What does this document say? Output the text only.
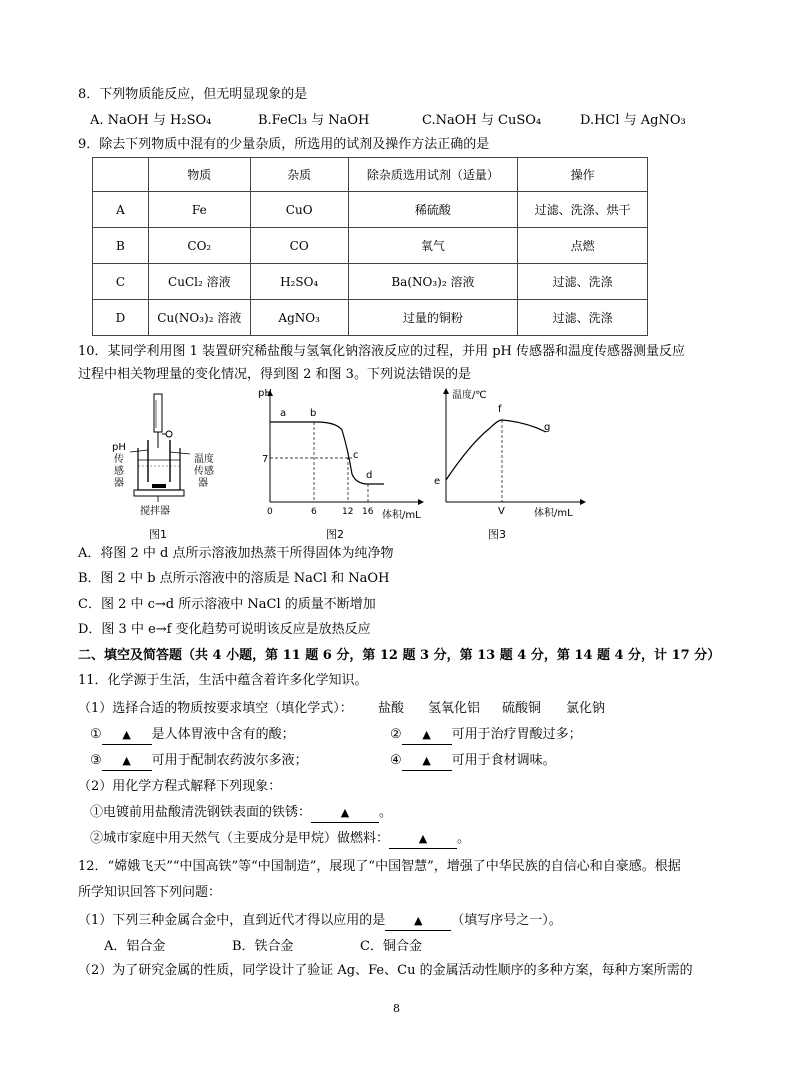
8．下列物质能反应，但无明显现象的是
A. NaOH 与 H₂SO₄	B.FeCl₃ 与 NaOH	C.NaOH 与 CuSO₄	D.HCl 与 AgNO₃
9．除去下列物质中混有的少量杂质，所选用的试剂及操作方法正确的是
	物质	杂质	除杂质选用试剂（适量）	操作
A	Fe	CuO	稀硫酸	过滤、洗涤、烘干
B	CO₂	CO	氧气	点燃
C	CuCl₂ 溶液	H₂SO₄	Ba(NO₃)₂ 溶液	过滤、洗涤
D	Cu(NO₃)₂ 溶液	AgNO₃	过量的铜粉	过滤、洗涤
10．某同学利用图 1 装置研究稀盐酸与氢氧化钠溶液反应的过程，并用 pH 传感器和温度传感器测量反应
过程中相关物理量的变化情况，得到图 2 和图 3。下列说法错误的是
pH
传
感
器
温度
传感
器
搅拌器
图1
pH
体积/mL
7
0	6	12 16
a b
c
d
图2
温度/℃
体积/mL
e
f
g
V
图3
A．将图 2 中 d 点所示溶液加热蒸干所得固体为纯净物
B．图 2 中 b 点所示溶液中的溶质是 NaCl 和 NaOH
C．图 2 中 c→d 所示溶液中 NaCl 的质量不断增加
D．图 3 中 e→f 变化趋势可说明该反应是放热反应
二、填空及简答题（共 4 小题，第 11 题 6 分，第 12 题 3 分，第 13 题 4 分，第 14 题 4 分，计 17 分）
11．化学源于生活，生活中蕴含着许多化学知识。
（1）选择合适的物质按要求填空（填化学式）： 盐酸 氢氧化铝 硫酸铜 氯化钠
① ▲ 是人体胃液中含有的酸；	② ▲ 可用于治疗胃酸过多；
③ ▲ 可用于配制农药波尔多液；	④ ▲ 可用于食材调味。
（2）用化学方程式解释下列现象：
①电镀前用盐酸清洗钢铁表面的铁锈：	▲ 。
②城市家庭中用天然气（主要成分是甲烷）做燃料：	▲ 。
12．“嫦娥飞天”“中国高铁”等“中国制造”，展现了“中国智慧”，增强了中华民族的自信心和自豪感。根据
所学知识回答下列问题：
（1）下列三种金属合金中，直到近代才得以应用的是	▲ （填写序号之一）。
A．铝合金	B．铁合金	C．铜合金
（2）为了研究金属的性质，同学设计了验证 Ag、Fe、Cu 的金属活动性顺序的多种方案，每种方案所需的
8
